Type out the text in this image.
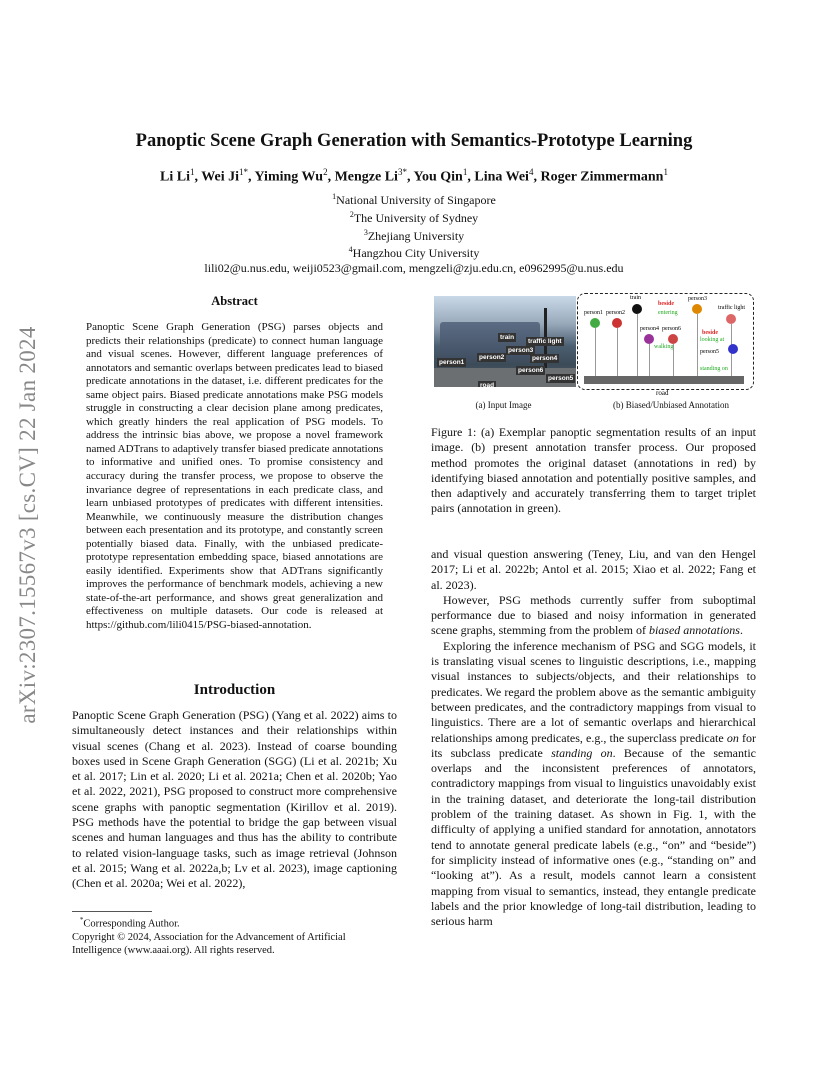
arXiv:2307.15567v3 [cs.CV] 22 Jan 2024
Panoptic Scene Graph Generation with Semantics-Prototype Learning
Li Li$^1$, Wei $Ji^{1*}$, Yiming Wu$^2$, Mengze $Li^{3*}$, You Qin$^1$, Lina Wei$^4$, Roger Zimmermann$^1$
$^1$National University of Singapore
$^2$The University of Sydney
$^3$Zhejiang University
$^4$Hangzhou City University
lili02@u.nus.edu, weiji0523@gmail.com, mengzeli@zju.edu.cn, e0962995@u.nus.edu
Abstract
Panoptic Scene Graph Generation (PSG) parses objects and predicts their relationships (predicate) to connect human language and visual scenes. However, different language preferences of annotators and semantic overlaps between predicates lead to biased predicate annotations in the dataset, i.e. different predicates for the same object pairs. Biased predicate annotations make PSG models struggle in constructing a clear decision plane among predicates, which greatly hinders the real application of PSG models. To address the intrinsic bias above, we propose a novel framework named ADTrans to adaptively transfer biased predicate annotations to informative and unified ones. To promise consistency and accuracy during the transfer process, we propose to observe the invariance degree of representations in each predicate class, and learn unbiased prototypes of predicates with different intensities. Meanwhile, we continuously measure the distribution changes between each presentation and its prototype, and constantly screen potentially biased data. Finally, with the unbiased predicate-prototype representation embedding space, biased annotations are easily identified. Experiments show that ADTrans significantly improves the performance of benchmark models, achieving a new state-of-the-art performance, and shows great generalization and effectiveness on multiple datasets. Our code is released at https://github.com/lili0415/PSG-biased-annotation.
Introduction
Panoptic Scene Graph Generation (PSG) (Yang et al. 2022) aims to simultaneously detect instances and their relationships within visual scenes (Chang et al. 2023). Instead of coarse bounding boxes used in Scene Graph Generation (SGG) (Li et al. 2021b; Xu et al. 2017; Lin et al. 2020; Li et al. 2021a; Chen et al. 2020b; Yao et al. 2022, 2021), PSG proposed to construct more comprehensive scene graphs with panoptic segmentation (Kirillov et al. 2019). PSG methods have the potential to bridge the gap between visual scenes and human languages and thus has the ability to contribute to related vision-language tasks, such as image retrieval (Johnson et al. 2015; Wang et al. 2022a,b; Lv et al. 2023), image captioning (Chen et al. 2020a; Wei et al. 2022),
*Corresponding Author.
Copyright © 2024, Association for the Advancement of Artificial Intelligence (www.aaai.org). All rights reserved.
train
traffic light
person3
person1
person2	person4
person6
person5
road
train
beside
entering
person3
traffic light
person1 person2
person4 person6
walking
beside
looking at
person5
standing on
road
(a) Input Image	(b) Biased/Unbiased Annotation
Figure 1: (a) Exemplar panoptic segmentation results of an input image. (b) present annotation transfer process. Our proposed method promotes the original dataset (annotations in red) by identifying biased annotation and potentially positive samples, and then adaptively and accurately transferring them to target triplet pairs (annotation in green).

and visual question answering (Teney, Liu, and van den Hengel 2017; Li et al. 2022b; Antol et al. 2015; Xiao et al. 2022; Fang et al. 2023).

However, PSG methods currently suffer from suboptimal performance due to biased and noisy information in generated scene graphs, stemming from the problem of biased annotations.

Exploring the inference mechanism of PSG and SGG models, it is translating visual scenes to linguistic descriptions, i.e., mapping visual instances to subjects/objects, and their relationships to predicates. We regard the problem above as the semantic ambiguity between predicates, and the contradictory mappings from visual to linguistics. There are a lot of semantic overlaps and hierarchical relationships among predicates, e.g., the superclass predicate on for its subclass predicate standing on. Because of the semantic overlaps and the inconsistent preferences of annotators, contradictory mappings from visual to linguistics unavoidably exist in the training dataset, and deteriorate the long-tail distribution problem of the training dataset. As shown in Fig. 1, with the difficulty of applying a unified standard for annotation, annotators tend to annotate general predicate labels (e.g., “on” and “beside”) for simplicity instead of informative ones (e.g., “standing on” and “looking at”). As a result, models cannot learn a consistent mapping from visual to semantics, instead, they entangle predicate labels and the prior knowledge of long-tail distribution, leading to serious harm
